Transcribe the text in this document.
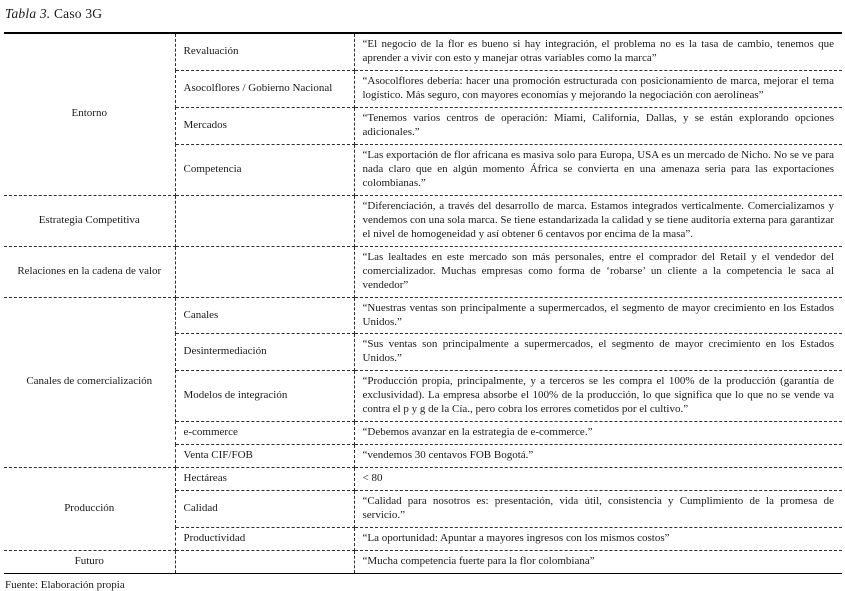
Tabla 3. Caso 3G
Entorno	Revaluación	“El negocio de la flor es bueno si hay integración, el problema no es la tasa de cambio, tenemos que aprender a vivir con esto y manejar otras variables como la marca”
	Asocolflores / Gobierno Nacional	“Asocolflores debería: hacer una promoción estructurada con posicionamiento de marca, mejorar el tema logístico. Más seguro, con mayores economías y mejorando la negociación con aerolíneas”
	Mercados	“Tenemos varios centros de operación: Miami, California, Dallas, y se están explorando opciones adicionales.”
	Competencia	“Las exportación de flor africana es masiva solo para Europa, USA es un mercado de Nicho. No se ve para nada claro que en algún momento África se convierta en una amenaza seria para las exportaciones colombianas.”
Estrategia Competitiva		“Diferenciación, a través del desarrollo de marca. Estamos integrados verticalmente. Comercializamos y vendemos con una sola marca. Se tiene estandarizada la calidad y se tiene auditoría externa para garantizar el nivel de homogeneidad y así obtener 6 centavos por encima de la masa”.
Relaciones en la cadena de valor		“Las lealtades en este mercado son más personales, entre el comprador del Retail y el vendedor del comercializador. Muchas empresas como forma de ‘robarse’ un cliente a la competencia le saca al vendedor”
Canales de comercialización	Canales	“Nuestras ventas son principalmente a supermercados, el segmento de mayor crecimiento en los Estados Unidos.”
	Desintermediación	“Sus ventas son principalmente a supermercados, el segmento de mayor crecimiento en los Estados Unidos.”
	Modelos de integración	“Producción propia, principalmente, y a terceros se les compra el 100% de la producción (garantía de exclusividad). La empresa absorbe el 100% de la producción, lo que significa que lo que no se vende va contra el p y g de la Cía., pero cobra los errores cometidos por el cultivo.”
	e-commerce	“Debemos avanzar en la estrategia de e-commerce.”
	Venta CIF/FOB	“vendemos 30 centavos FOB Bogotá.”
Producción	Hectáreas	< 80
	Calidad	“Calidad para nosotros es: presentación, vida útil, consistencia y Cumplimiento de la promesa de servicio.”
	Productividad	“La oportunidad: Apuntar a mayores ingresos con los mismos costos”
Futuro		“Mucha competencia fuerte para la flor colombiana”
Fuente: Elaboración propia
